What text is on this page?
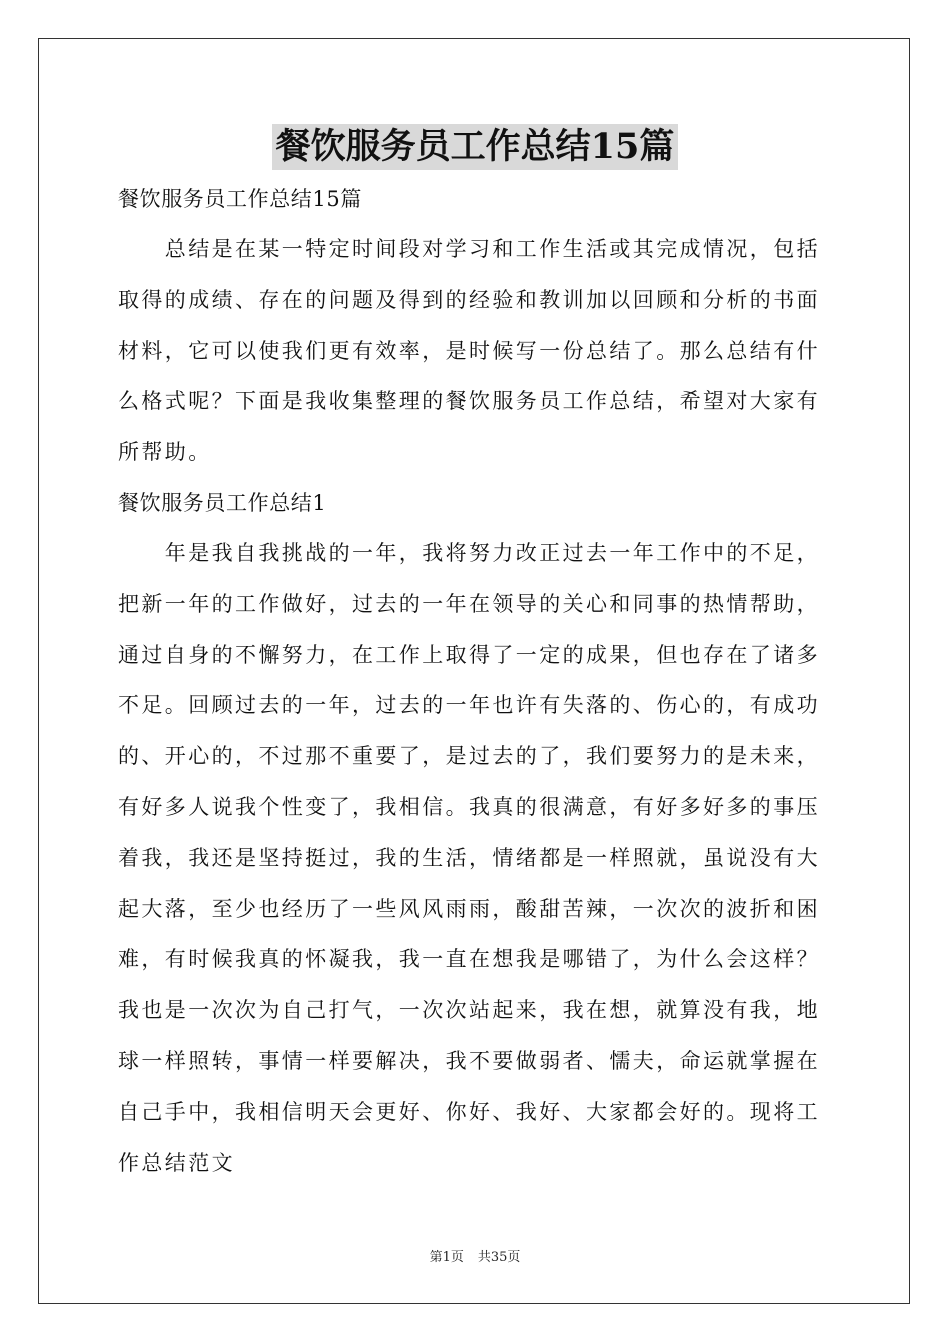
餐饮服务员工作总结15篇

餐饮服务员工作总结15篇

　　总结是在某一特定时间段对学习和工作生活或其完成情况，包括

取得的成绩、存在的问题及得到的经验和教训加以回顾和分析的书面

材料，它可以使我们更有效率，是时候写一份总结了。那么总结有什

么格式呢？下面是我收集整理的餐饮服务员工作总结，希望对大家有

所帮助。

餐饮服务员工作总结1

　　年是我自我挑战的一年，我将努力改正过去一年工作中的不足，

把新一年的工作做好，过去的一年在领导的关心和同事的热情帮助，

通过自身的不懈努力，在工作上取得了一定的成果，但也存在了诸多

不足。回顾过去的一年，过去的一年也许有失落的、伤心的，有成功

的、开心的，不过那不重要了，是过去的了，我们要努力的是未来，

有好多人说我个性变了，我相信。我真的很满意，有好多好多的事压

着我，我还是坚持挺过，我的生活，情绪都是一样照就，虽说没有大

起大落，至少也经历了一些风风雨雨，酸甜苦辣，一次次的波折和困

难，有时候我真的怀凝我，我一直在想我是哪错了，为什么会这样？

我也是一次次为自己打气，一次次站起来，我在想，就算没有我，地

球一样照转，事情一样要解决，我不要做弱者、懦夫，命运就掌握在

自己手中，我相信明天会更好、你好、我好、大家都会好的。现将工

作总结范文

第1页 共35页
